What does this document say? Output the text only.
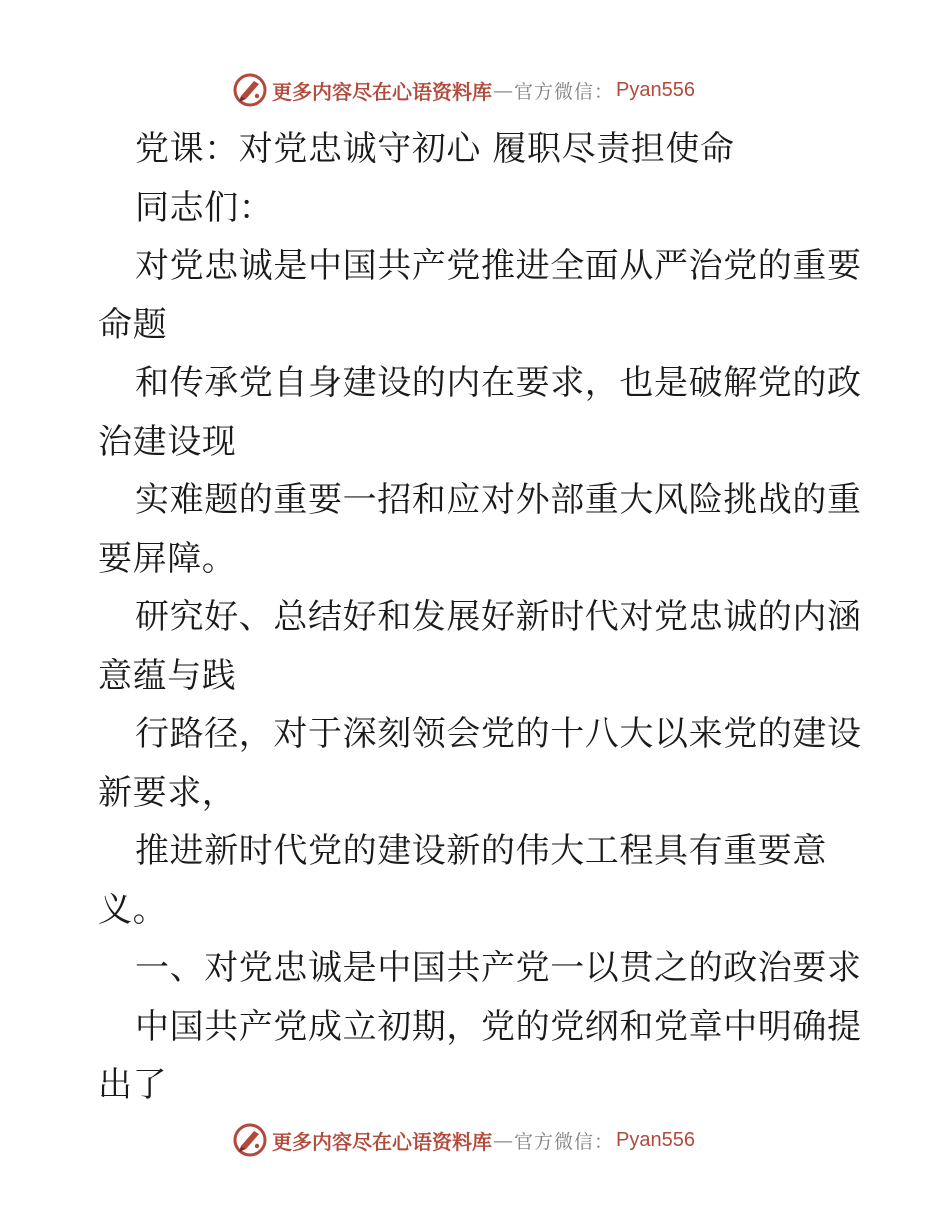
更多内容尽在心语资料库 — 官方微信： Pyan556
党课：对党忠诚守初心 履职尽责担使命
同志们：
对党忠诚是中国共产党推进全面从严治党的重要
命题
和传承党自身建设的内在要求，也是破解党的政
治建设现
实难题的重要一招和应对外部重大风险挑战的重
要屏障。
研究好、总结好和发展好新时代对党忠诚的内涵
意蕴与践
行路径，对于深刻领会党的十八大以来党的建设
新要求，
推进新时代党的建设新的伟大工程具有重要意
义。
一、对党忠诚是中国共产党一以贯之的政治要求
中国共产党成立初期，党的党纲和党章中明确提
出了
更多内容尽在心语资料库 — 官方微信： Pyan556
